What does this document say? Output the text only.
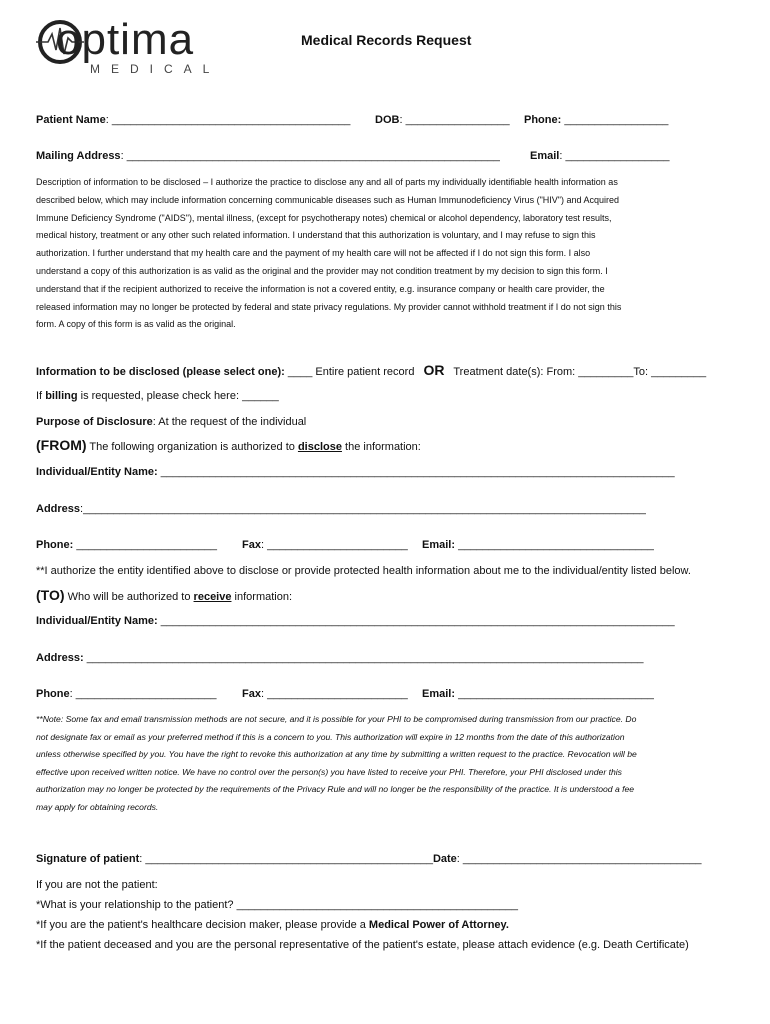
optima
MEDICAL
Medical Records Request
Patient Name: _______________________________________ DOB: _________________ Phone: _________________
Mailing Address: _____________________________________________________________	Email: _________________
Description of information to be disclosed – I authorize the practice to disclose any and all of parts my individually identifiable health information as
described below, which may include information concerning communicable diseases such as Human Immunodeficiency Virus ("HIV") and Acquired
Immune Deficiency Syndrome ("AIDS"), mental illness, (except for psychotherapy notes) chemical or alcohol dependency, laboratory test results,
medical history, treatment or any other such related information. I understand that this authorization is voluntary, and I may refuse to sign this
authorization. I further understand that my health care and the payment of my health care will not be affected if I do not sign this form. I also
understand a copy of this authorization is as valid as the original and the provider may not condition treatment by my decision to sign this form. I
understand that if the recipient authorized to receive the information is not a covered entity, e.g. insurance company or health care provider, the
released information may no longer be protected by federal and state privacy regulations. My provider cannot withhold treatment if I do not sign this
form. A copy of this form is as valid as the original.
Information to be disclosed (please select one): ____ Entire patient record OR Treatment date(s): From: _________To: _________
If billing is requested, please check here: ______
Purpose of Disclosure: At the request of the individual
(FROM) The following organization is authorized to disclose the information:
Individual/Entity Name: ____________________________________________________________________________________
Address:____________________________________________________________________________________________
Phone: _______________________ Fax: _______________________ Email: ________________________________
**I authorize the entity identified above to disclose or provide protected health information about me to the individual/entity listed below.
(TO) Who will be authorized to receive information:
Individual/Entity Name: ____________________________________________________________________________________
Address: ___________________________________________________________________________________________
Phone: _______________________ Fax: _______________________ Email: ________________________________
**Note: Some fax and email transmission methods are not secure, and it is possible for your PHI to be compromised during transmission from our practice. Do
not designate fax or email as your preferred method if this is a concern to you. This authorization will expire in 12 months from the date of this authorization
unless otherwise specified by you. You have the right to revoke this authorization at any time by submitting a written request to the practice. Revocation will be
effective upon received written notice. We have no control over the person(s) you have listed to receive your PHI. Therefore, your PHI disclosed under this
authorization may no longer be protected by the requirements of the Privacy Rule and will no longer be the responsibility of the practice. It is understood a fee
may apply for obtaining records.
Signature of patient: _______________________________________________Date: _______________________________________
If you are not the patient:
*What is your relationship to the patient? ______________________________________________
*If you are the patient's healthcare decision maker, please provide a Medical Power of Attorney.
*If the patient deceased and you are the personal representative of the patient's estate, please attach evidence (e.g. Death Certificate)
